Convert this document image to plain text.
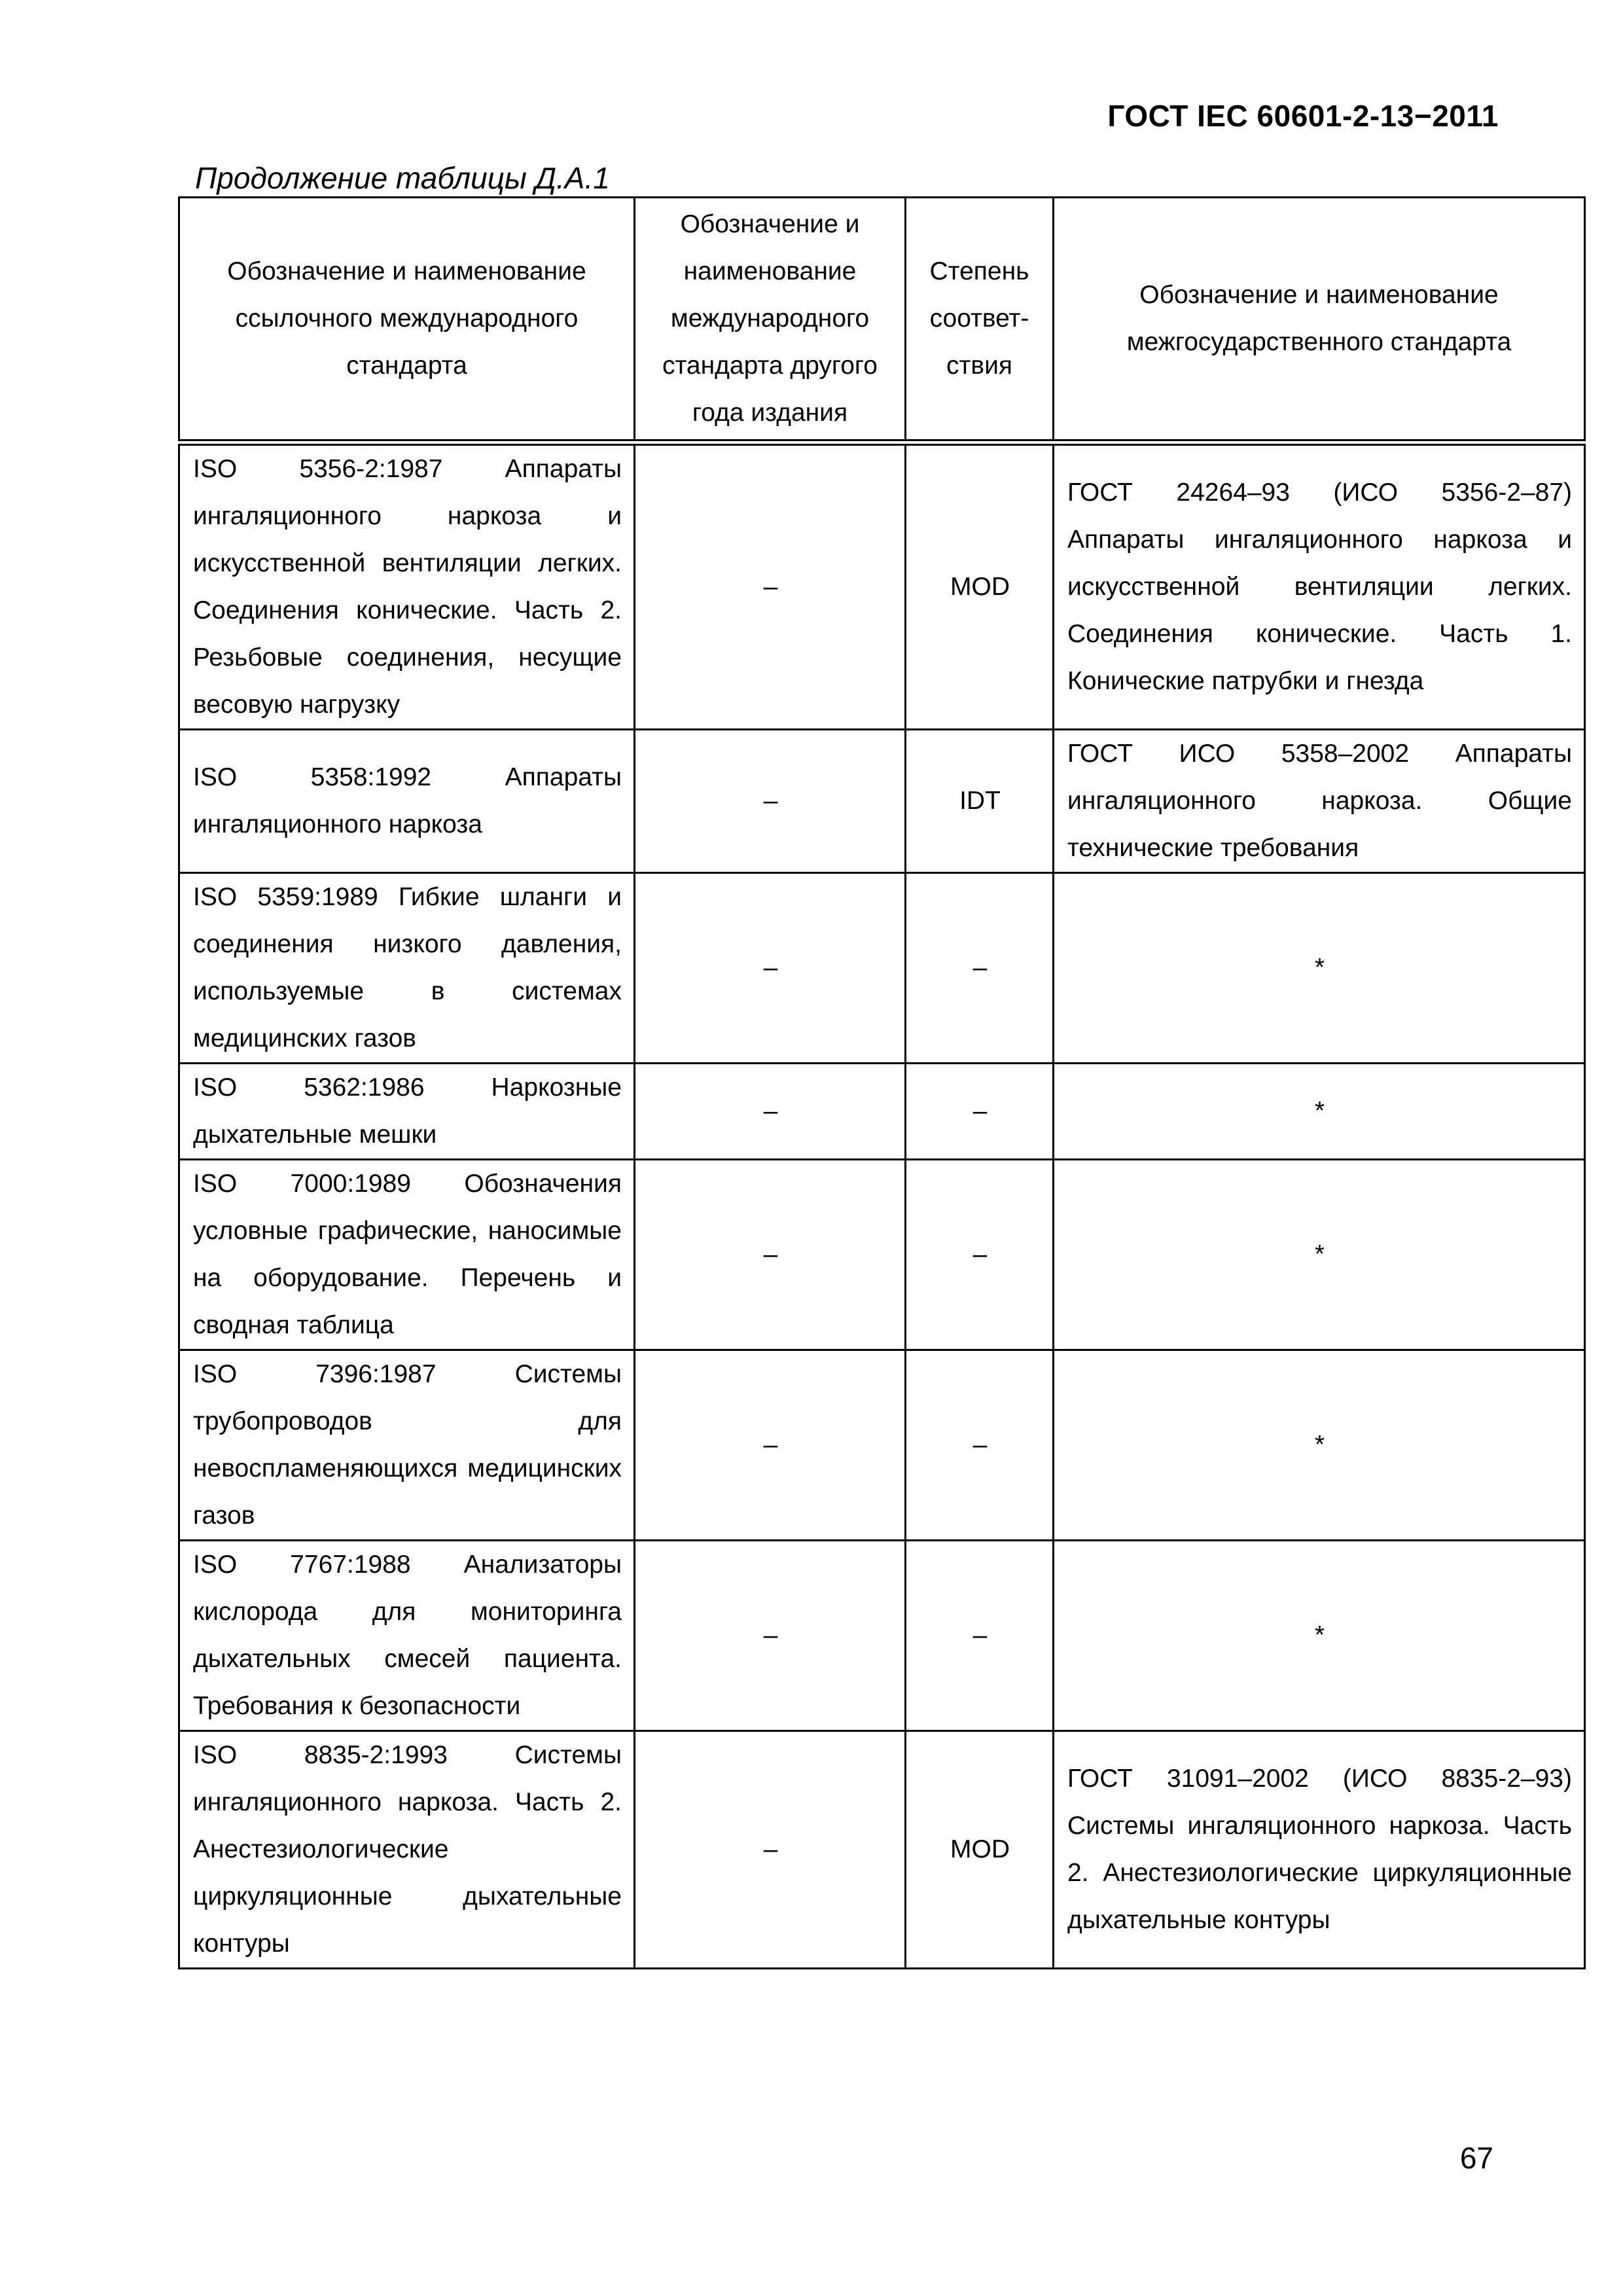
ГОСТ IEC 60601-2-13−2011
Продолжение таблицы Д.А.1
Обозначение и наименование ссылочного международного стандарта	Обозначение и наименование международного стандарта другого года издания	Степень соответ-ствия	Обозначение и наименование межгосударственного стандарта
ISO 5356-2:1987 Аппараты ингаляционного наркоза и искусственной вентиляции легких. Соединения конические. Часть 2. Резьбовые соединения, несущие весовую нагрузку	–	MOD	ГОСТ 24264–93 (ИСО 5356-2–87) Аппараты ингаляционного наркоза и искусственной вентиляции легких. Соединения конические. Часть 1. Конические патрубки и гнезда
ISO 5358:1992 Аппараты ингаляционного наркоза	–	IDT	ГОСТ ИСО 5358–2002 Аппараты ингаляционного наркоза. Общие технические требования
ISO 5359:1989 Гибкие шланги и соединения низкого давления, используемые в системах медицинских газов	–	–	*
ISO 5362:1986 Наркозные дыхательные мешки	–	–	*
ISO 7000:1989 Обозначения условные графические, наносимые на оборудование. Перечень и сводная таблица	–	–	*
ISO 7396:1987 Системы трубопроводов для невоспламеняющихся медицинских газов	–	–	*
ISO 7767:1988 Анализаторы кислорода для мониторинга дыхательных смесей пациента. Требования к безопасности	–	–	*
ISO 8835-2:1993 Системы ингаляционного наркоза. Часть 2. Анестезиологические циркуляционные дыхательные контуры	–	MOD	ГОСТ 31091–2002 (ИСО 8835-2–93) Системы ингаляционного наркоза. Часть 2. Анестезиологические циркуляционные дыхательные контуры
67
